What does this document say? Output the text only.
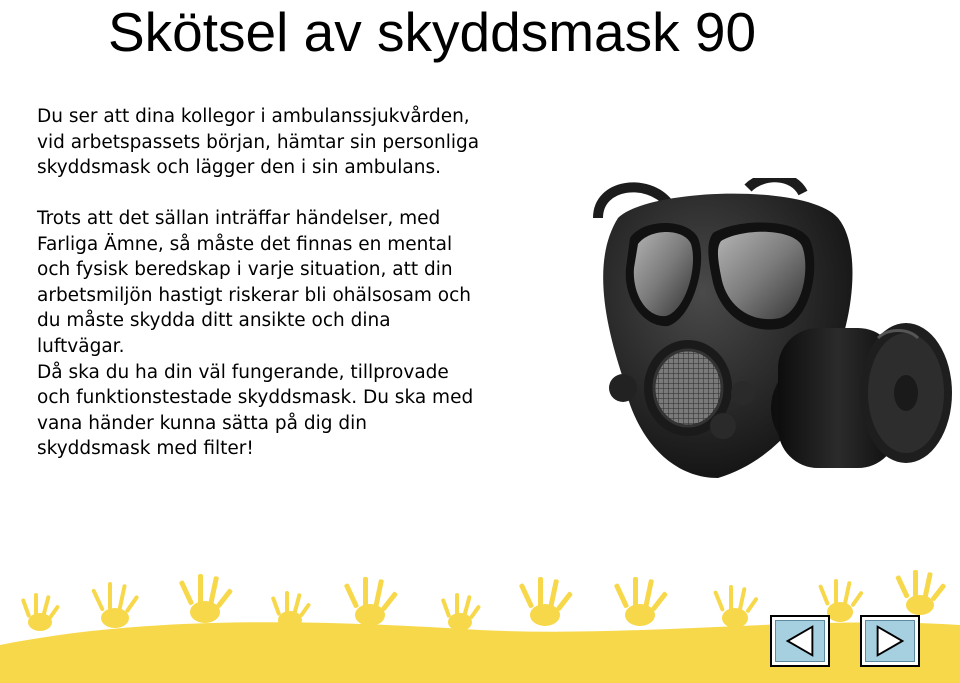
Skötsel av skyddsmask 90

Du ser att dina kollegor i ambulanssjukvården,
vid arbetspassets början, hämtar sin personliga
skyddsmask och lägger den i sin ambulans.

Trots att det sällan inträffar händelser, med
Farliga Ämne, så måste det finnas en mental
och fysisk beredskap i varje situation, att din
arbetsmiljön hastigt riskerar bli ohälsosam och
du måste skydda ditt ansikte och dina
luftvägar.
Då ska du ha din väl fungerande, tillprovade
och funktionstestade skyddsmask. Du ska med
vana händer kunna sätta på dig din
skyddsmask med filter!
